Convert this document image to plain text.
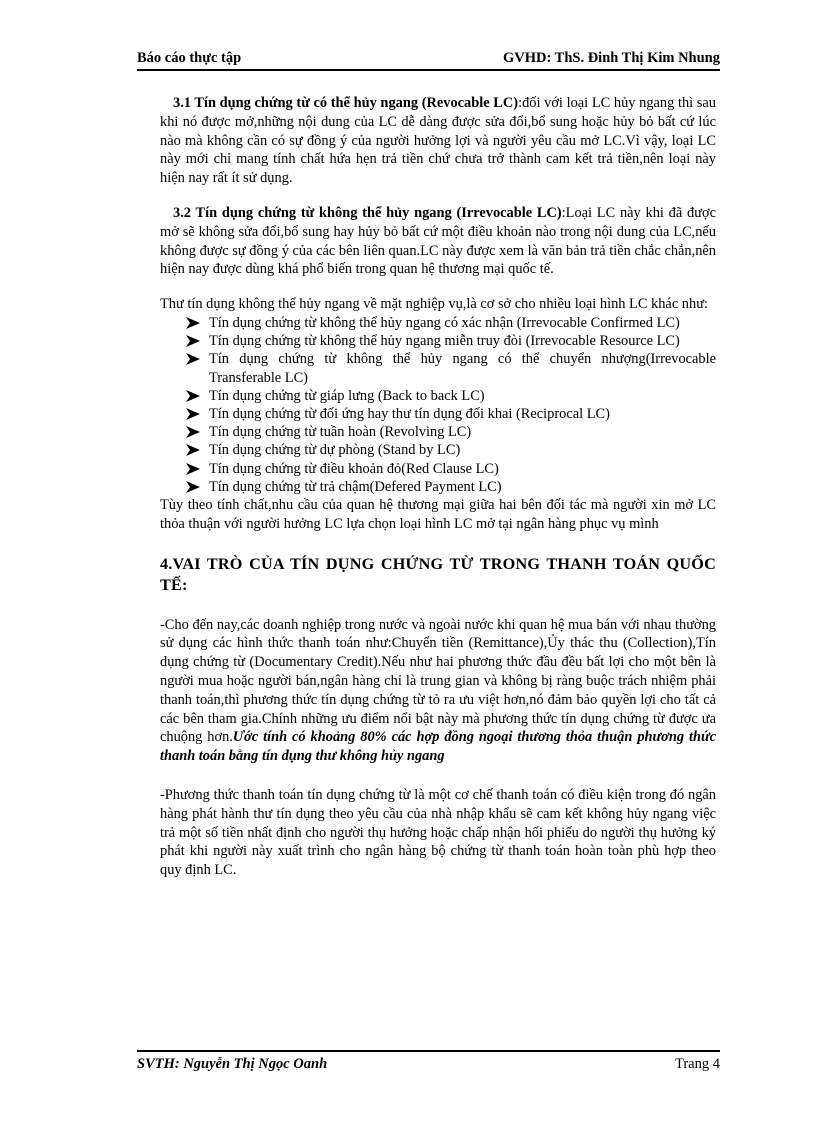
Báo cáo thực tập	GVHD: ThS. Đinh Thị Kim Nhung

3.1 Tín dụng chứng từ có thể hủy ngang (Revocable LC):đối với loại LC hủy ngang thì sau khi nó được mở,những nội dung của LC dễ dàng được sửa đổi,bổ sung hoặc hủy bỏ bất cứ lúc nào mà không cần có sự đồng ý của người hưởng lợi và người yêu cầu mở LC.Vì vậy, loại LC này mới chỉ mang tính chất hứa hẹn trả tiền chứ chưa trở thành cam kết trả tiền,nên loại này hiện nay rất ít sử dụng.

3.2 Tín dụng chứng từ không thể hủy ngang (Irrevocable LC):Loại LC này khi đã được mở sẽ không sửa đổi,bổ sung hay hủy bỏ bất cứ một điều khoản nào trong nội dung của LC,nếu không được sự đồng ý của các bên liên quan.LC này được xem là văn bản trả tiền chắc chắn,nên hiện nay được dùng khá phổ biến trong quan hệ thương mại quốc tế.

Thư tín dụng không thể hủy ngang về mặt nghiệp vụ,là cơ sở cho nhiều loại hình LC khác như:

Tín dụng chứng từ không thể hủy ngang có xác nhận (Irrevocable Confirmed LC)
Tín dụng chứng từ không thể hủy ngang miễn truy đòi (Irrevocable Resource LC)
Tín dụng chứng từ không thể hủy ngang có thể chuyển nhượng(Irrevocable Transferable LC)
Tín dụng chứng từ giáp lưng (Back to back LC)
Tín dụng chứng từ đối ứng hay thư tín dụng đối khai (Reciprocal LC)
Tín dụng chứng từ tuần hoàn (Revolving LC)
Tín dụng chứng từ dự phòng (Stand by LC)
Tín dụng chứng từ điều khoản đỏ(Red Clause LC)
Tín dụng chứng từ trả chậm(Defered Payment LC)

Tùy theo tính chất,nhu cầu của quan hệ thương mại giữa hai bên đối tác mà người xin mở LC thỏa thuận với người hưởng LC lựa chọn loại hình LC mở tại ngân hàng phục vụ mình

4.VAI TRÒ CỦA TÍN DỤNG CHỨNG TỪ TRONG THANH TOÁN QUỐC TẾ:

-Cho đến nay,các doanh nghiệp trong nước và ngoài nước khi quan hệ mua bán với nhau thường sử dụng các hình thức thanh toán như:Chuyển tiền (Remittance),Ủy thác thu (Collection),Tín dụng chứng từ (Documentary Credit).Nếu như hai phương thức đầu đều bất lợi cho một bên là người mua hoặc người bán,ngân hàng chỉ là trung gian và không bị ràng buộc trách nhiệm phải thanh toán,thì phương thức tín dụng chứng từ tỏ ra ưu việt hơn,nó đảm bảo quyền lợi cho tất cả các bên tham gia.Chính những ưu điểm nổi bật này mà phương thức tín dụng chứng từ được ưa chuộng hơn.Ước tính có khoảng 80% các hợp đồng ngoại thương thỏa thuận phương thức thanh toán bằng tín dụng thư không hủy ngang

-Phương thức thanh toán tín dụng chứng từ là một cơ chế thanh toán có điều kiện trong đó ngân hàng phát hành thư tín dụng theo yêu cầu của nhà nhập khẩu sẽ cam kết không hủy ngang việc trả một số tiền nhất định cho người thụ hưởng hoặc chấp nhận hối phiếu do người thụ hưởng ký phát khi người này xuất trình cho ngân hàng bộ chứng từ thanh toán hoàn toàn phù hợp theo quy định LC.

SVTH: Nguyễn Thị Ngọc Oanh	Trang 4
